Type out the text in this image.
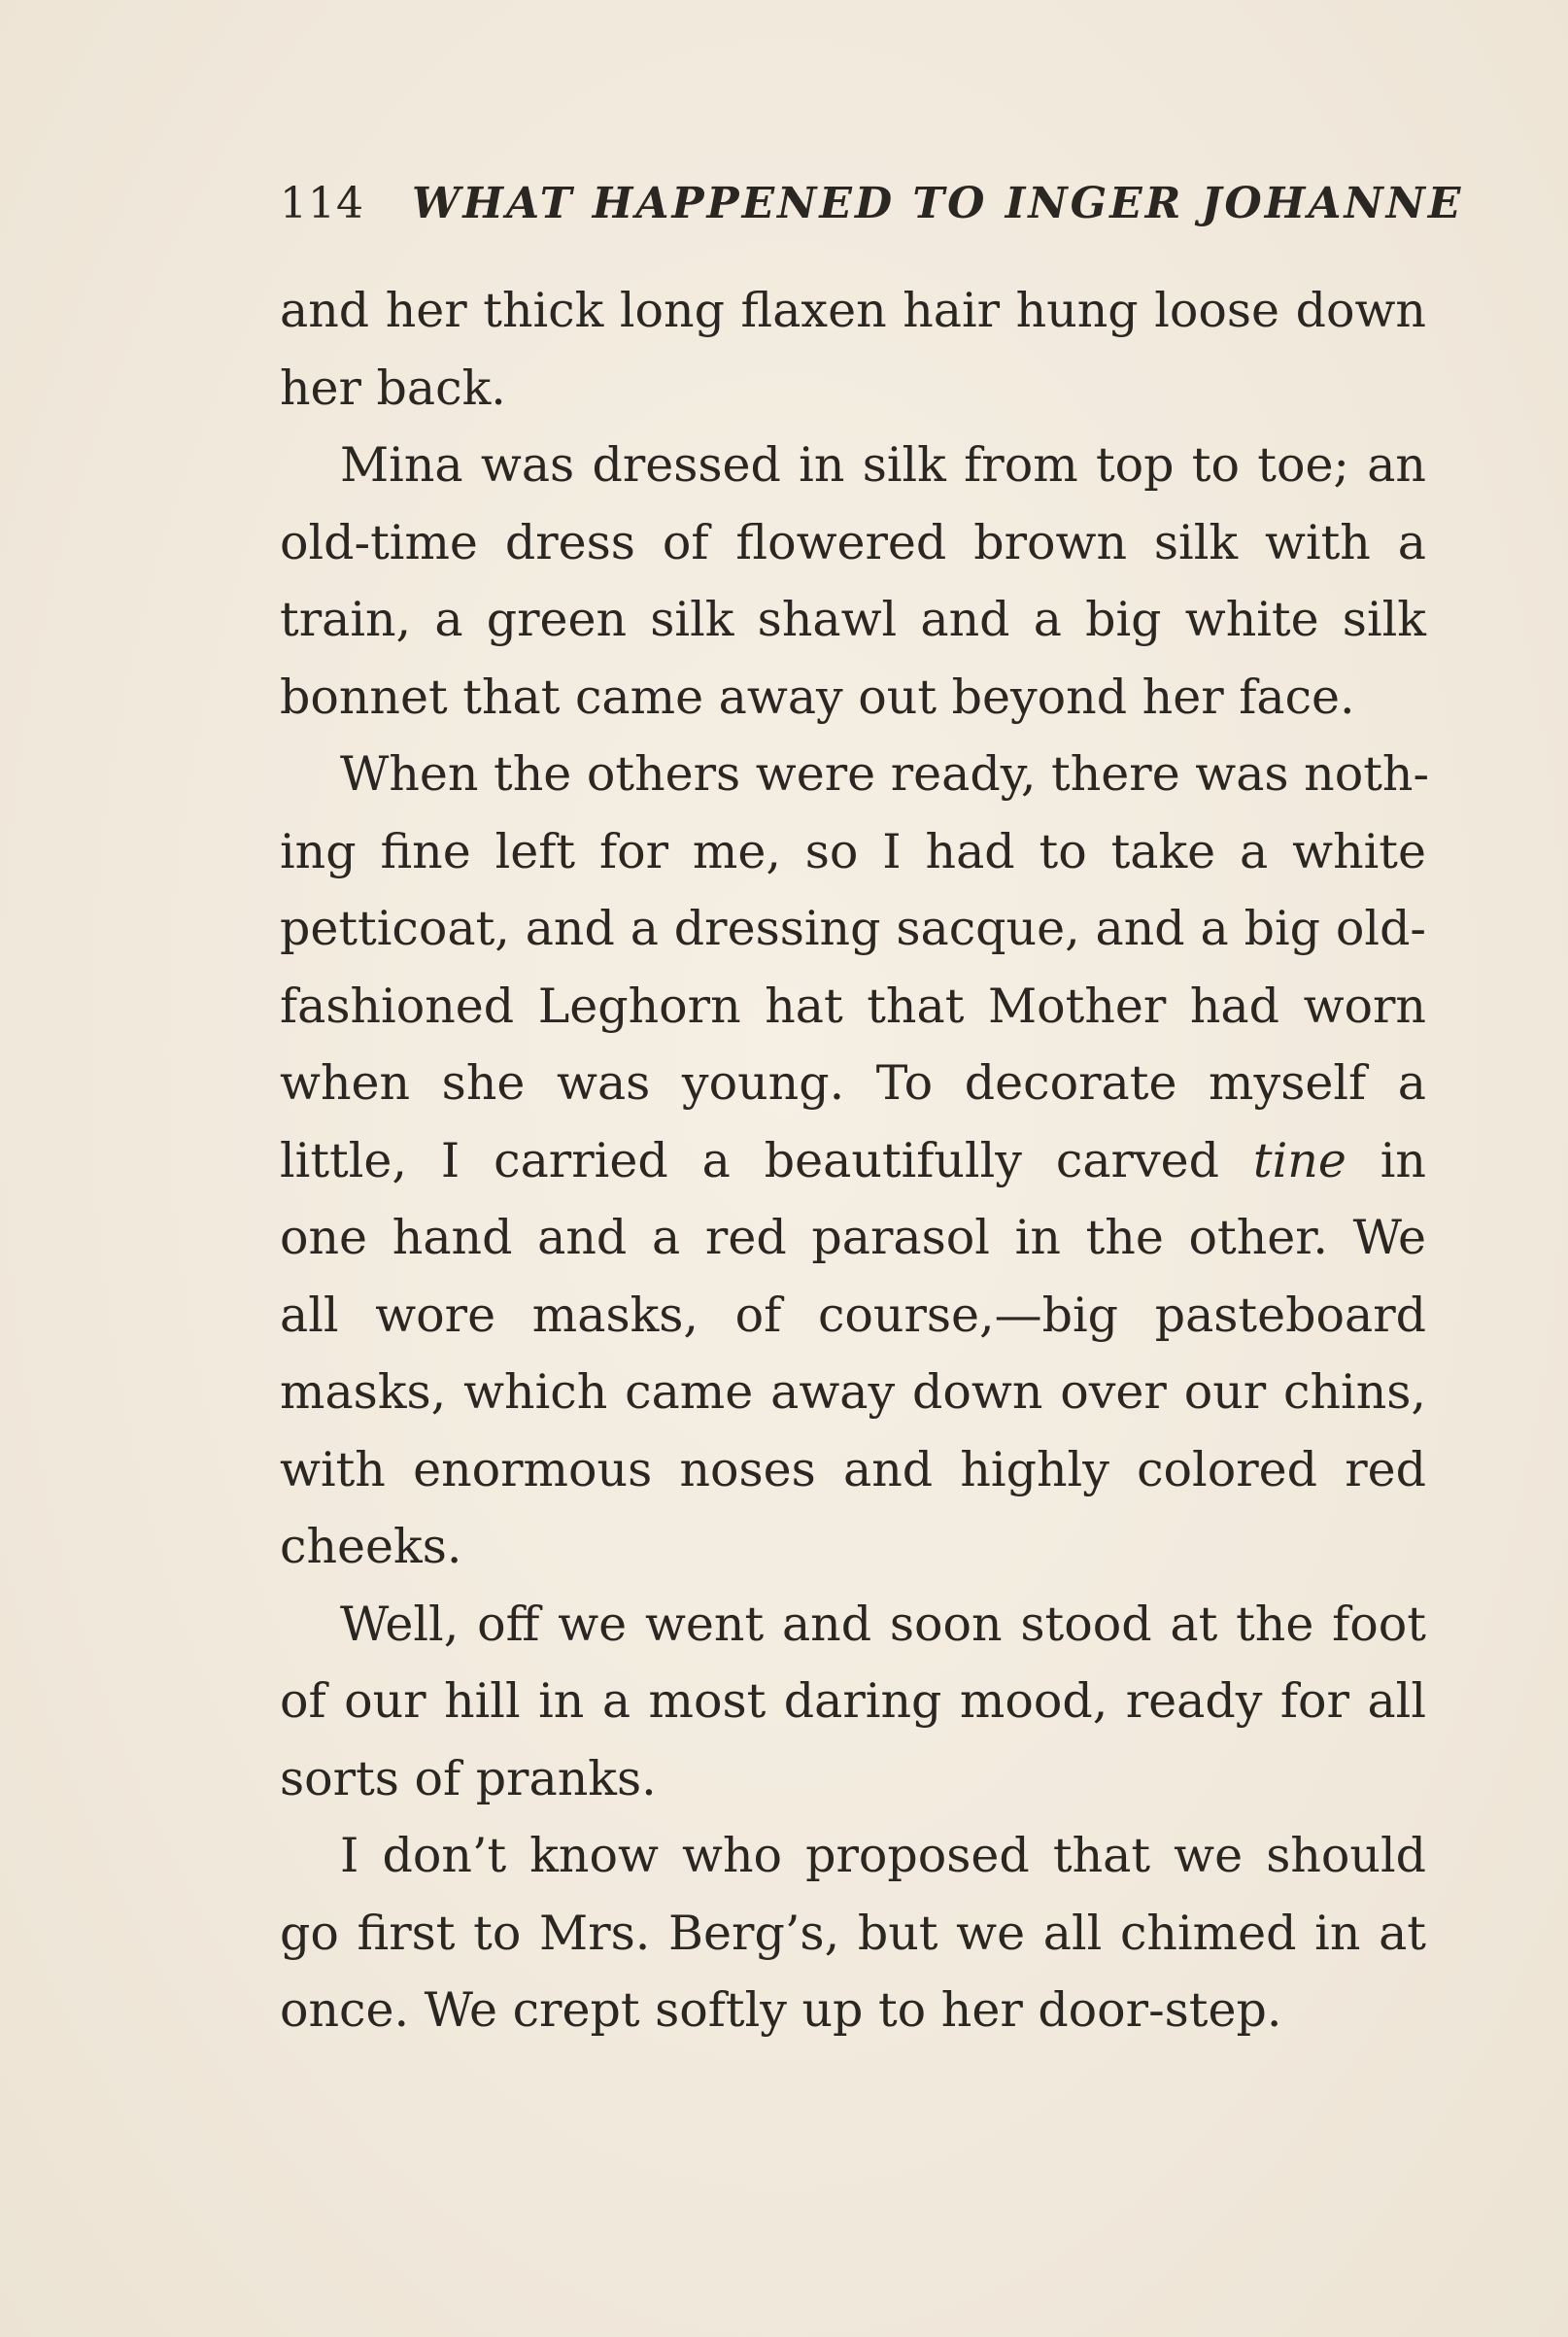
114 WHAT HAPPENED TO INGER JOHANNE
and her thick long flaxen hair hung loose down
her back.
Mina was dressed in silk from top to toe; an
old-time dress of flowered brown silk with a
train, a green silk shawl and a big white silk
bonnet that came away out beyond her face.
When the others were ready, there was noth-
ing fine left for me, so I had to take a white
petticoat, and a dressing sacque, and a big old-
fashioned Leghorn hat that Mother had worn
when she was young. To decorate myself a
little, I carried a beautifully carved tine in
one hand and a red parasol in the other. We
all wore masks, of course,—big pasteboard
masks, which came away down over our chins,
with enormous noses and highly colored red
cheeks.
Well, off we went and soon stood at the foot
of our hill in a most daring mood, ready for all
sorts of pranks.
I don’t know who proposed that we should
go first to Mrs. Berg’s, but we all chimed in at
once. We crept softly up to her door-step.
